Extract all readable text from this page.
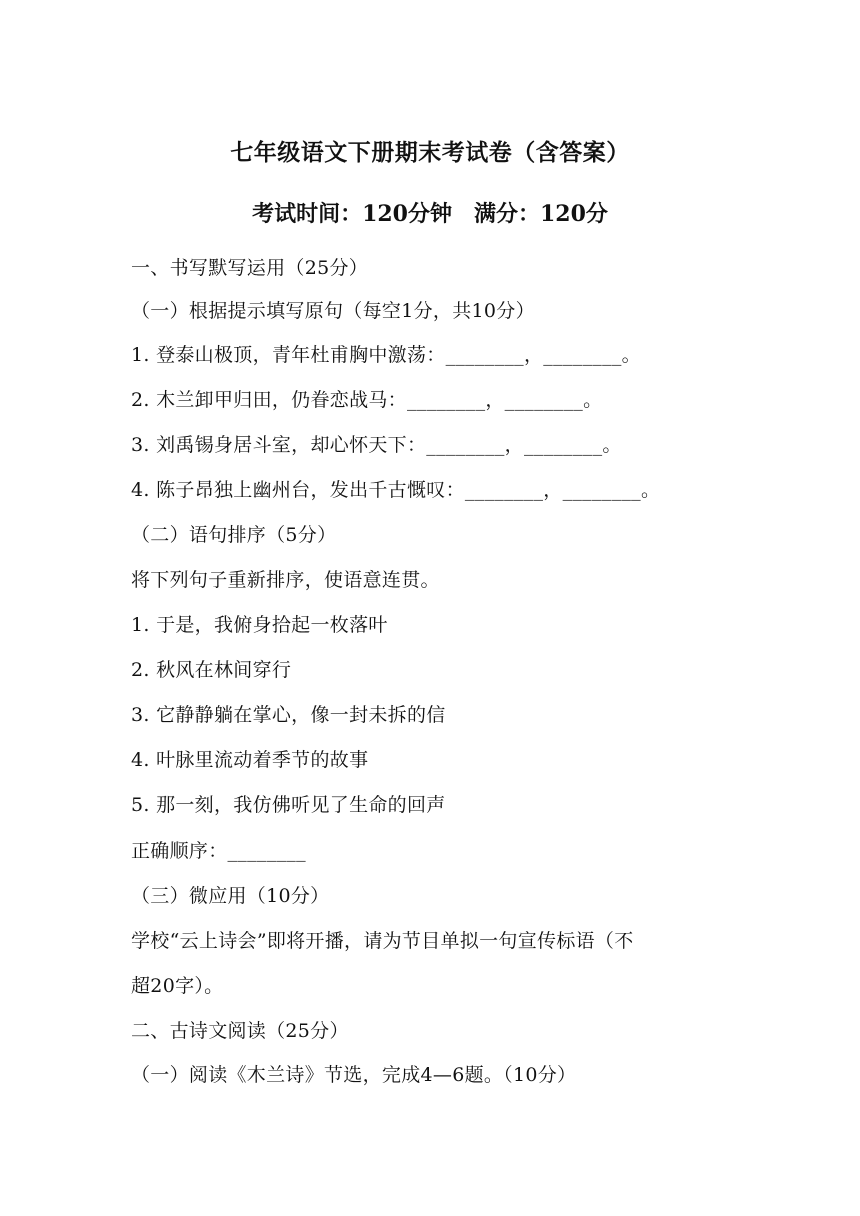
七年级语文下册期末考试卷（含答案）
考试时间：120分钟　满分：120分
一、书写默写运用（25分）
（一）根据提示填写原句（每空1分，共10分）
1. 登泰山极顶，青年杜甫胸中激荡：________，________。
2. 木兰卸甲归田，仍眷恋战马：________，________。
3. 刘禹锡身居斗室，却心怀天下：________，________。
4. 陈子昂独上幽州台，发出千古慨叹：________，________。
（二）语句排序（5分）
将下列句子重新排序，使语意连贯。
1. 于是，我俯身拾起一枚落叶
2. 秋风在林间穿行
3. 它静静躺在掌心，像一封未拆的信
4. 叶脉里流动着季节的故事
5. 那一刻，我仿佛听见了生命的回声
正确顺序：________
（三）微应用（10分）
学校“云上诗会”即将开播，请为节目单拟一句宣传标语（不
超20字）。
二、古诗文阅读（25分）
（一）阅读《木兰诗》节选，完成4—6题。（10分）
